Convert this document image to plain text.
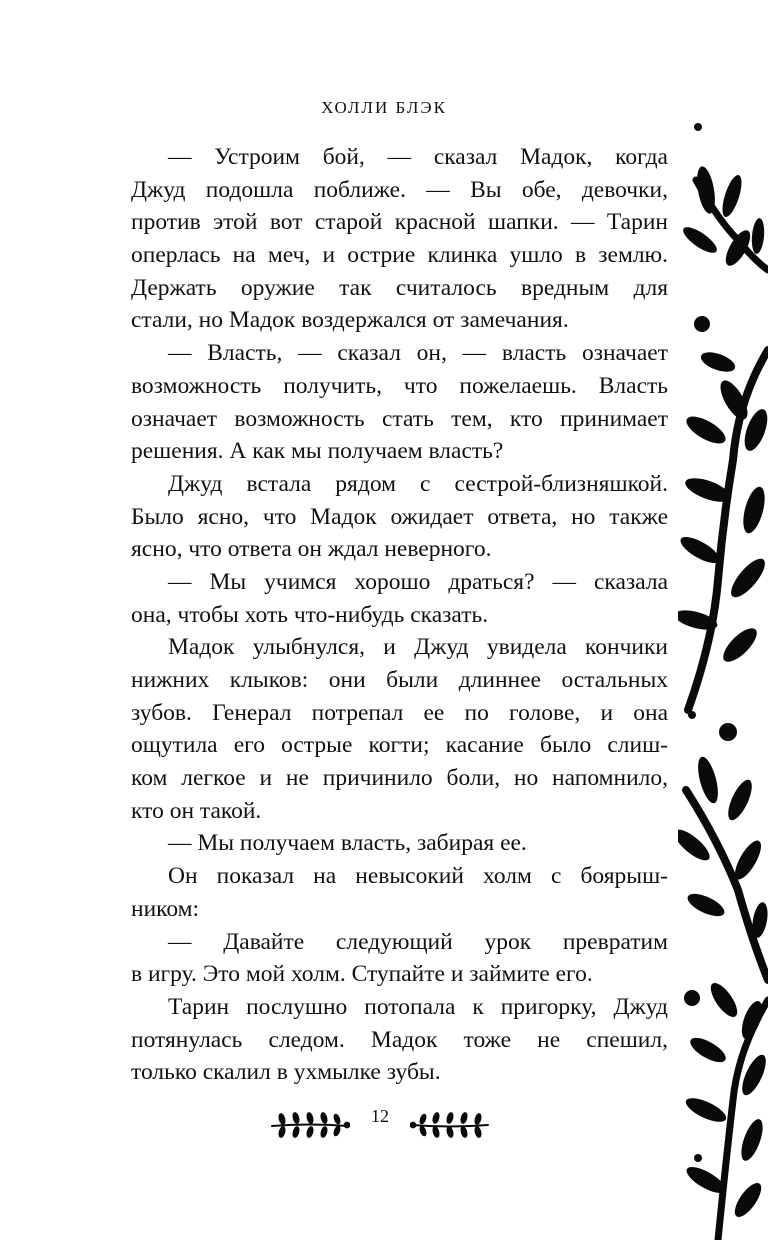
ХОЛЛИ БЛЭК
— Устроим бой, — сказал Мадок, когда
Джуд подошла поближе. — Вы обе, девочки,
против этой вот старой красной шапки. — Тарин
оперлась на меч, и острие клинка ушло в землю.
Держать оружие так считалось вредным для
стали, но Мадок воздержался от замечания.
— Власть, — сказал он, — власть означает
возможность получить, что пожелаешь. Власть
означает возможность стать тем, кто принимает
решения. А как мы получаем власть?
Джуд встала рядом с сестрой-близняшкой.
Было ясно, что Мадок ожидает ответа, но также
ясно, что ответа он ждал неверного.
— Мы учимся хорошо драться? — сказала
она, чтобы хоть что-нибудь сказать.
Мадок улыбнулся, и Джуд увидела кончики
нижних клыков: они были длиннее остальных
зубов. Генерал потрепал ее по голове, и она
ощутила его острые когти; касание было слиш-
ком легкое и не причинило боли, но напомнило,
кто он такой.
— Мы получаем власть, забирая ее.
Он показал на невысокий холм с боярыш-
ником:
— Давайте следующий урок превратим
в игру. Это мой холм. Ступайте и займите его.
Тарин послушно потопала к пригорку, Джуд
потянулась следом. Мадок тоже не спешил,
только скалил в ухмылке зубы.
12
